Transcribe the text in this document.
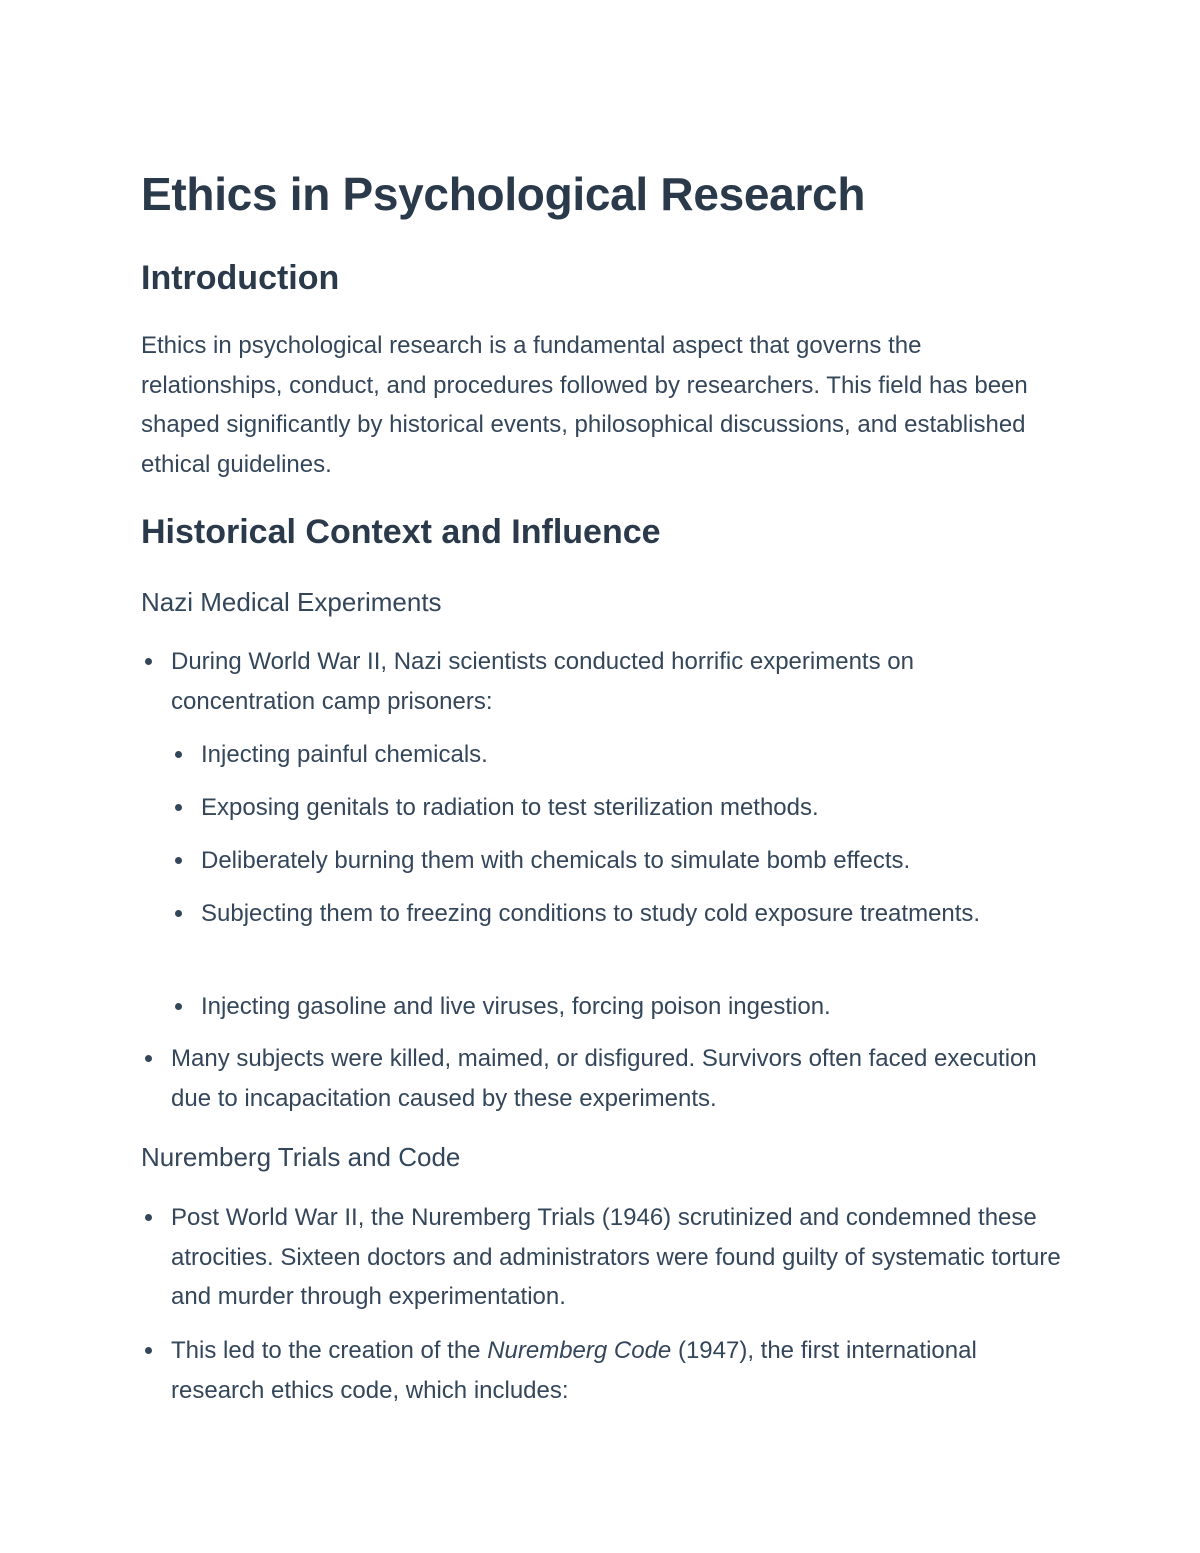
Ethics in Psychological Research
Introduction

Ethics in psychological research is a fundamental aspect that governs the relationships, conduct, and procedures followed by researchers. This field has been shaped significantly by historical events, philosophical discussions, and established ethical guidelines.

Historical Context and Influence
Nazi Medical Experiments
During World War II, Nazi scientists conducted horrific experiments on concentration camp prisoners:
Injecting painful chemicals.
Exposing genitals to radiation to test sterilization methods.
Deliberately burning them with chemicals to simulate bomb effects.
Subjecting them to freezing conditions to study cold exposure treatments.
Injecting gasoline and live viruses, forcing poison ingestion.
Many subjects were killed, maimed, or disfigured. Survivors often faced execution due to incapacitation caused by these experiments.
Nuremberg Trials and Code
Post World War II, the Nuremberg Trials (1946) scrutinized and condemned these atrocities. Sixteen doctors and administrators were found guilty of systematic torture and murder through experimentation.
This led to the creation of the Nuremberg Code (1947), the first international research ethics code, which includes:
